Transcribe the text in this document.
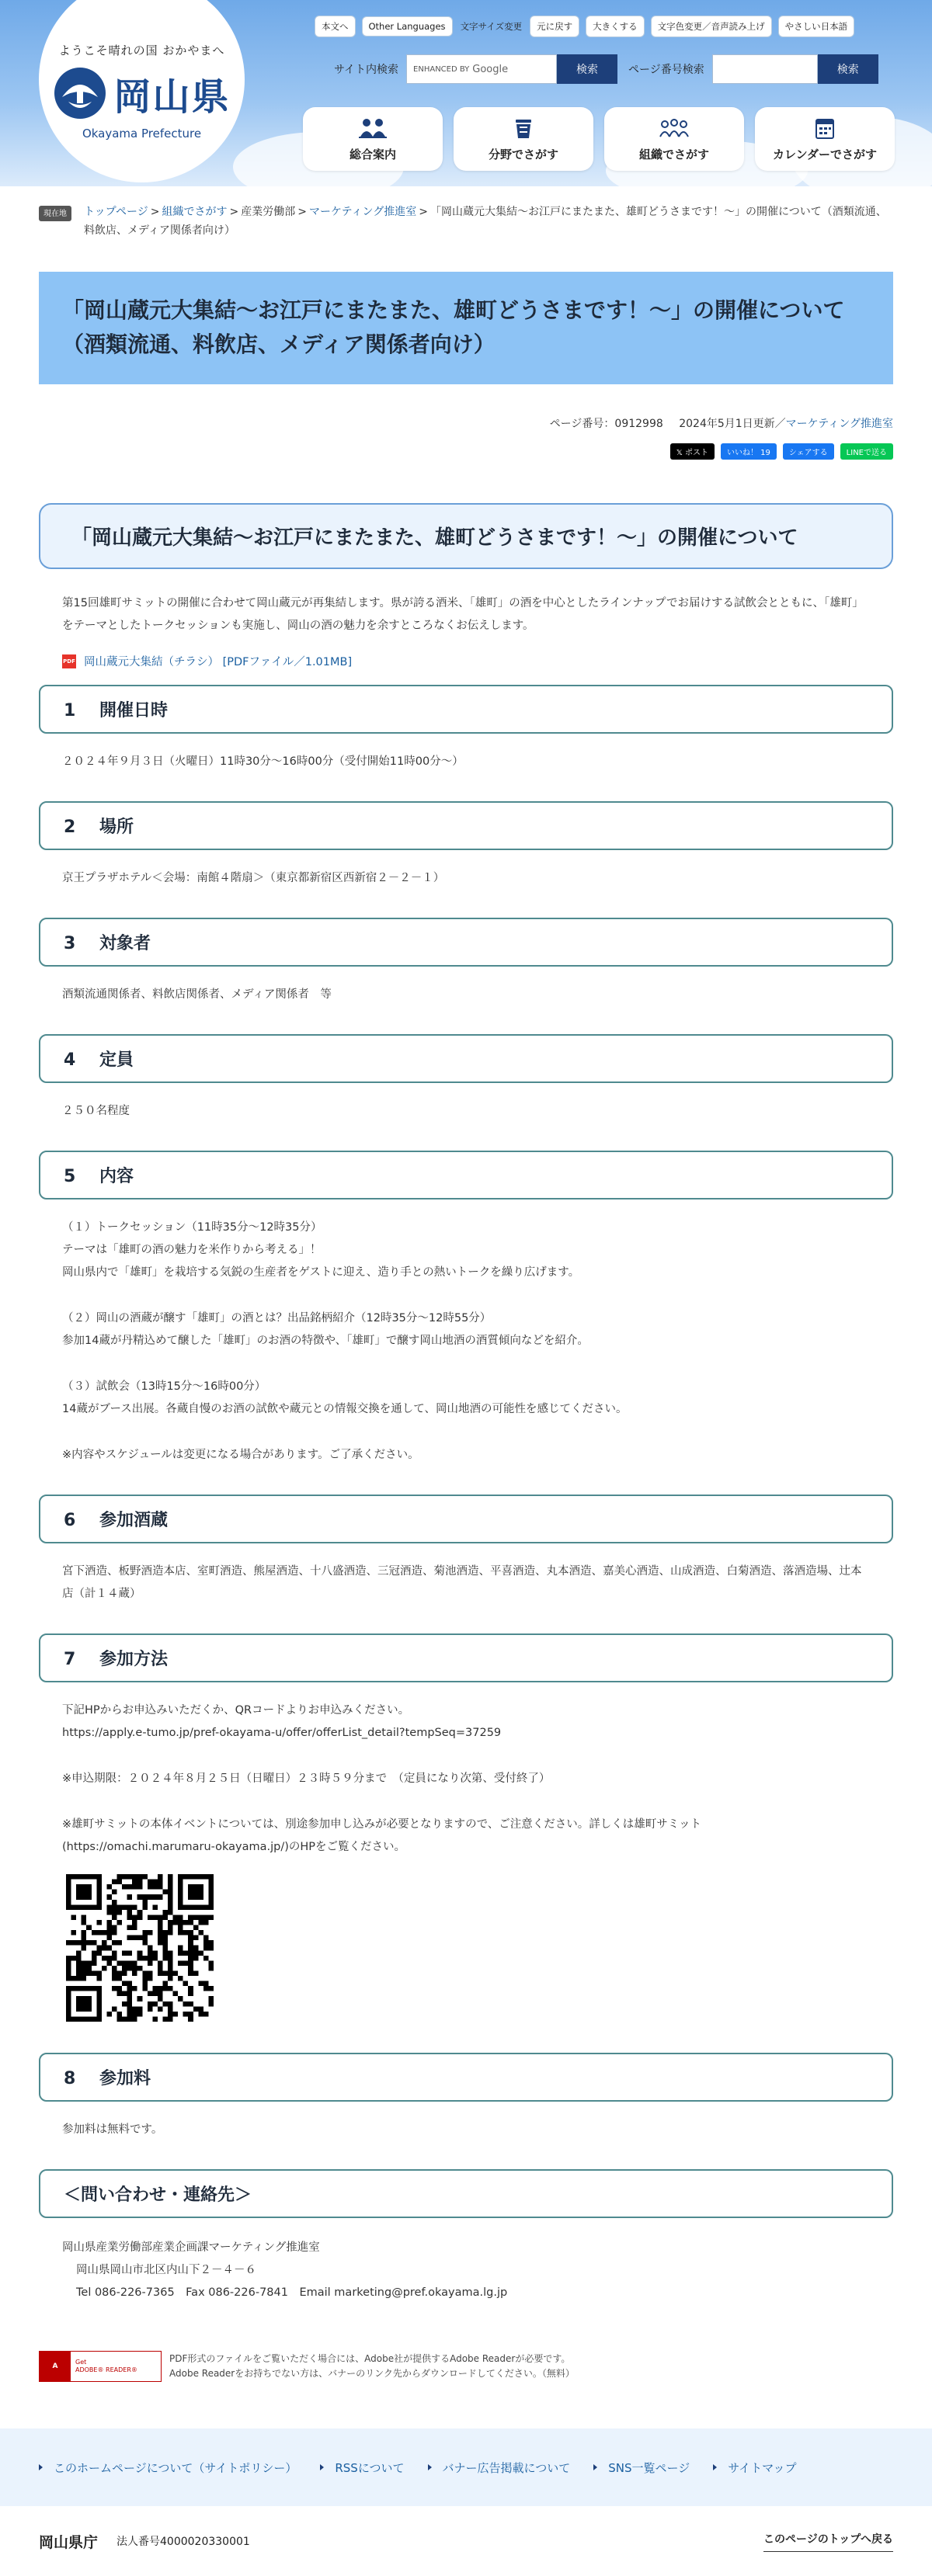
ようこそ晴れの国 おかやまへ
岡山県
Okayama Prefecture
本文へ	Other Languages	文字サイズ変更	元に戻す	大きくする	文字色変更／音声読み上げ	やさしい日本語
サイト内検索 ENHANCED BY Google	検索	ページ番号検索	検索
総合案内	分野でさがす	組織でさがす	カレンダーでさがす
現在地	トップページ > 組織でさがす > 産業労働部 > マーケティング推進室 > 「岡山蔵元大集結～お江戸にまたまた、雄町どうさまです！～」の開催について（酒類流通、料飲店、メディア関係者向け）
「岡山蔵元大集結～お江戸にまたまた、雄町どうさまです！～」の開催について（酒類流通、料飲店、メディア関係者向け）
ページ番号：0912998 2024年5月1日更新／マーケティング推進室
𝕏 ポスト	いいね！ 19	シェアする	LINEで送る
「岡山蔵元大集結～お江戸にまたまた、雄町どうさまです！～」の開催について

第15回雄町サミットの開催に合わせて岡山蔵元が再集結します。県が誇る酒米、「雄町」の酒を中心としたラインナップでお届けする試飲会とともに、「雄町」をテーマとしたトークセッションも実施し、岡山の酒の魅力を余すところなくお伝えします。

PDF 岡山蔵元大集結（チラシ） [PDFファイル／1.01MB]
1 開催日時

２０２４年９月３日（火曜日）11時30分～16時00分（受付開始11時00分～）

2 場所

京王プラザホテル＜会場：南館４階扇＞（東京都新宿区西新宿２－２－１）

3 対象者

酒類流通関係者、料飲店関係者、メディア関係者　等

4 定員

２５０名程度

5 内容
（１）トークセッション（11時35分～12時35分）
テーマは「雄町の酒の魅力を米作りから考える」！
岡山県内で「雄町」を栽培する気鋭の生産者をゲストに迎え、造り手との熱いトークを繰り広げます。
（２）岡山の酒蔵が醸す「雄町」の酒とは？出品銘柄紹介（12時35分～12時55分）
参加14蔵が丹精込めて醸した「雄町」のお酒の特徴や、「雄町」で醸す岡山地酒の酒質傾向などを紹介。
（３）試飲会（13時15分～16時00分）
14蔵がブース出展。各蔵自慢のお酒の試飲や蔵元との情報交換を通して、岡山地酒の可能性を感じてください。
※内容やスケジュールは変更になる場合があります。ご了承ください。
6 参加酒蔵

宮下酒造、板野酒造本店、室町酒造、熊屋酒造、十八盛酒造、三冠酒造、菊池酒造、平喜酒造、丸本酒造、嘉美心酒造、山成酒造、白菊酒造、落酒造場、辻本店（計１４蔵）

7 参加方法
下記HPからお申込みいただくか、QRコードよりお申込みください。
https://apply.e-tumo.jp/pref-okayama-u/offer/offerList_detail?tempSeq=37259
※申込期限：２０２４年８月２５日（日曜日）２３時５９分まで　（定員になり次第、受付終了）
※雄町サミットの本体イベントについては、別途参加申し込みが必要となりますので、ご注意ください。詳しくは雄町サミット
(https://omachi.marumaru-okayama.jp/)のHPをご覧ください。
8 参加料

参加料は無料です。

＜問い合わせ・連絡先＞
岡山県産業労働部産業企画課マーケティング推進室
岡山県岡山市北区内山下２－４－６
Tel 086-226-7365　Fax 086-226-7841　Email marketing@pref.okayama.lg.jp
A
Get
ADOBE® READER®
PDF形式のファイルをご覧いただく場合には、Adobe社が提供するAdobe Readerが必要です。
Adobe Readerをお持ちでない方は、バナーのリンク先からダウンロードしてください。（無料）
このホームページについて（サイトポリシー）	RSSについて	バナー広告掲載について	SNS一覧ページ	サイトマップ
岡山県庁 法人番号4000020330001	このページのトップへ戻る
